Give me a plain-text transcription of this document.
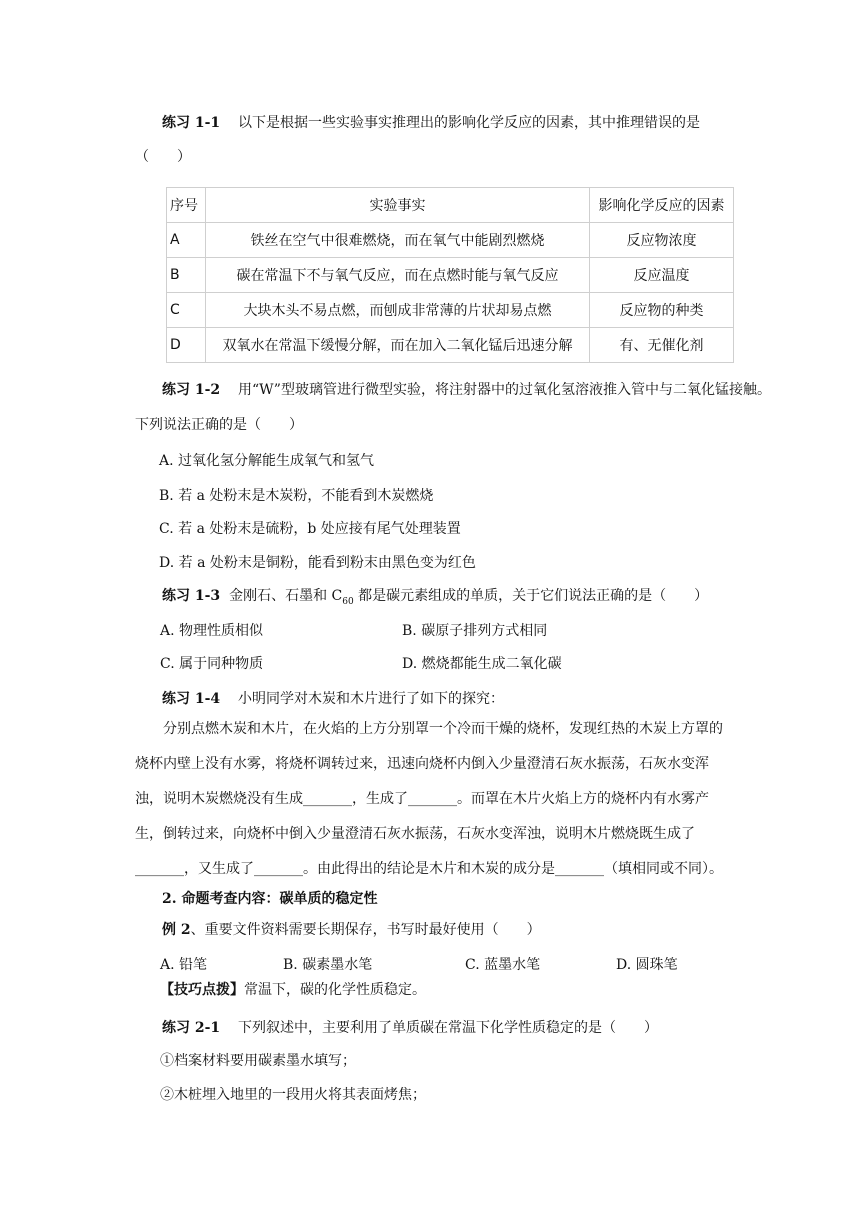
练习 1-1 以下是根据一些实验事实推理出的影响化学反应的因素，其中推理错误的是
（　　）
序号	实验事实	影响化学反应的因素
A	铁丝在空气中很难燃烧，而在氧气中能剧烈燃烧	反应物浓度
B	碳在常温下不与氧气反应，而在点燃时能与氧气反应	反应温度
C	大块木头不易点燃，而刨成非常薄的片状却易点燃	反应物的种类
D	双氧水在常温下缓慢分解，而在加入二氧化锰后迅速分解	有、无催化剂
练习 1-2 用“W”型玻璃管进行微型实验，将注射器中的过氧化氢溶液推入管中与二氧化锰接触。
下列说法正确的是（　　）
A. 过氧化氢分解能生成氧气和氢气
B. 若 a 处粉末是木炭粉，不能看到木炭燃烧
C. 若 a 处粉末是硫粉，b 处应接有尾气处理装置
D. 若 a 处粉末是铜粉，能看到粉末由黑色变为红色
练习 1-3 金刚石、石墨和 $C_{60}$ 都是碳元素组成的单质，关于它们说法正确的是（　　）
A. 物理性质相似	B. 碳原子排列方式相同
C. 属于同种物质	D. 燃烧都能生成二氧化碳
练习 1-4 小明同学对木炭和木片进行了如下的探究：
分别点燃木炭和木片，在火焰的上方分别罩一个冷而干燥的烧杯，发现红热的木炭上方罩的烧杯内壁上没有水雾，将烧杯调转过来，迅速向烧杯内倒入少量澄清石灰水振荡，石灰水变浑浊，说明木炭燃烧没有生成_______，生成了_______。而罩在木片火焰上方的烧杯内有水雾产生，倒转过来，向烧杯中倒入少量澄清石灰水振荡，石灰水变浑浊，说明木片燃烧既生成了_______，又生成了_______。由此得出的结论是木片和木炭的成分是_______（填相同或不同）。
2. 命题考查内容：碳单质的稳定性
例 2、重要文件资料需要长期保存，书写时最好使用（　　）
A. 铅笔	B. 碳素墨水笔	C. 蓝墨水笔	D. 圆珠笔
【技巧点拨】常温下，碳的化学性质稳定。
练习 2-1 下列叙述中，主要利用了单质碳在常温下化学性质稳定的是（　　）
①档案材料要用碳素墨水填写；
②木桩埋入地里的一段用火将其表面烤焦；
